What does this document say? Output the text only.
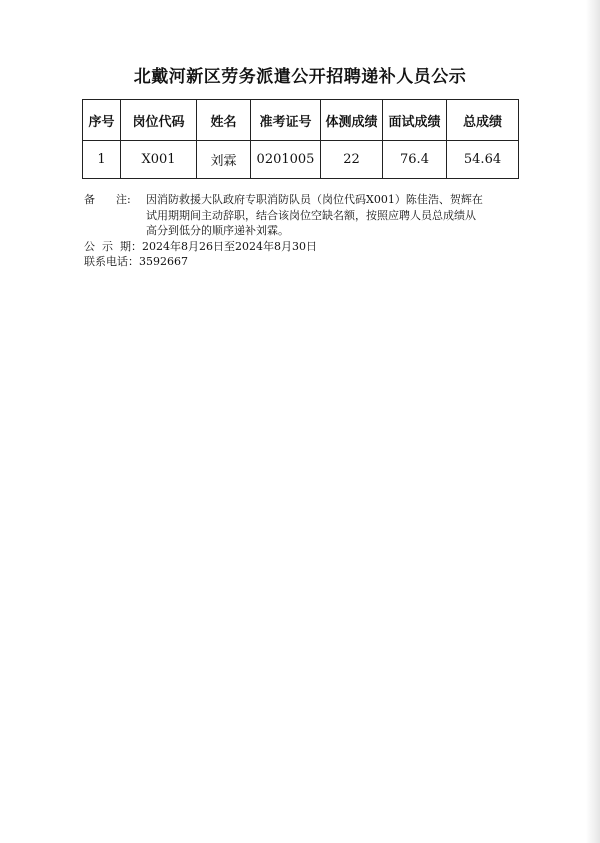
北戴河新区劳务派遣公开招聘递补人员公示
序号	岗位代码	姓名	准考证号	体测成绩	面试成绩	总成绩
1	X001	刘霖	0201005	22	76.4	54.64
备      注: 因消防救援大队政府专职消防队员（岗位代码X001）陈佳浩、贺辉在
试用期期间主动辞职，结合该岗位空缺名额，按照应聘人员总成绩从
高分到低分的顺序递补刘霖。
公  示  期：2024年8月26日至2024年8月30日
联系电话：3592667
